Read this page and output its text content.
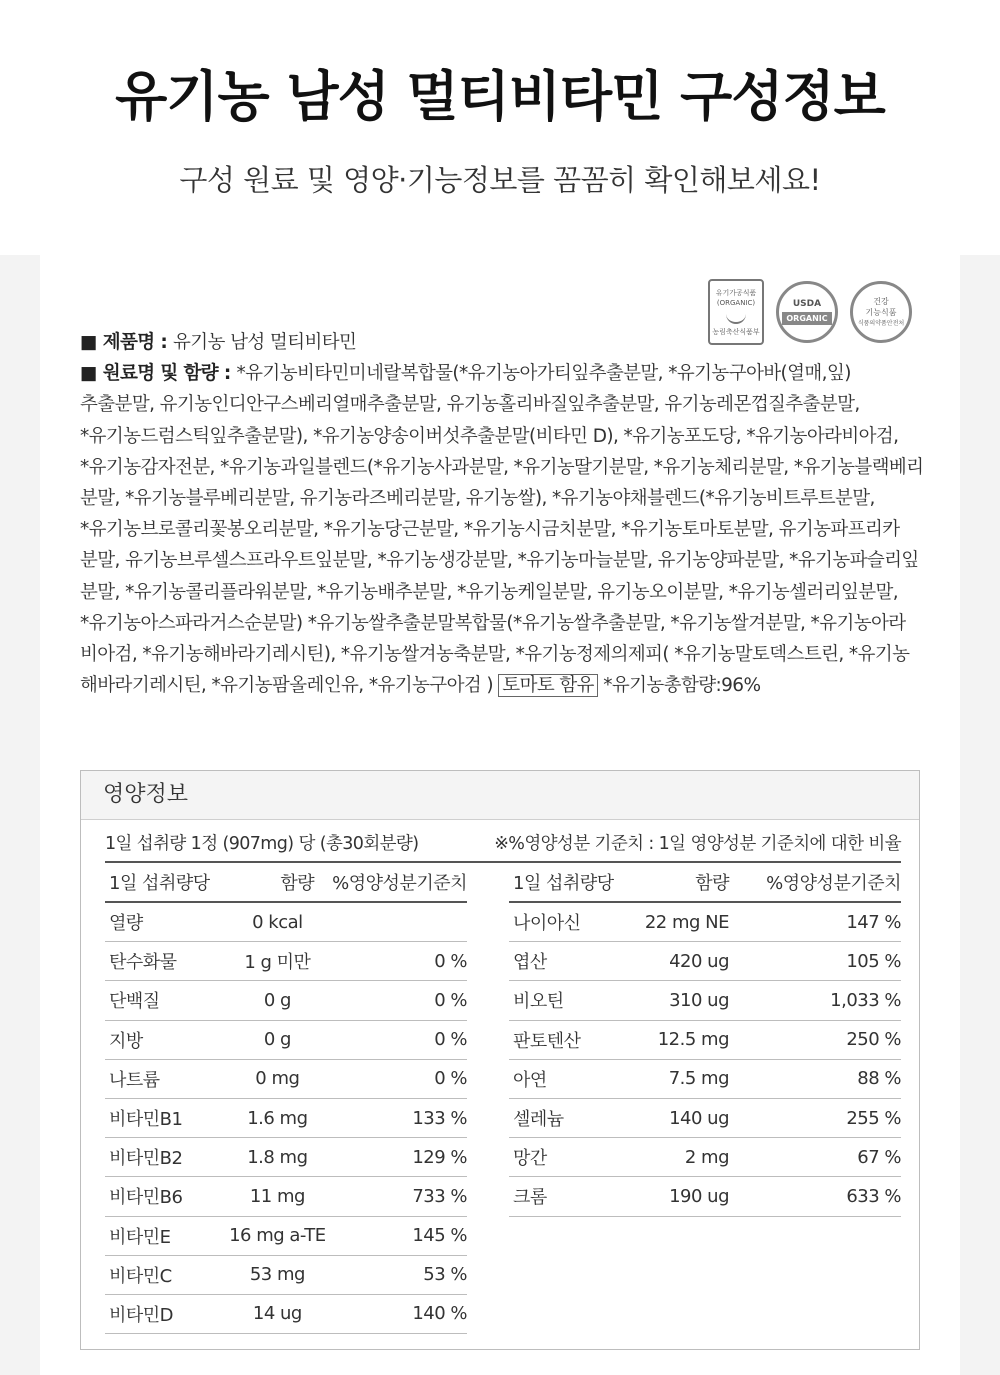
유기농 남성 멀티비타민 구성정보
구성 원료 및 영양·기능정보를 꼼꼼히 확인해보세요!
유기가공식품
(ORGANIC)
농림축산식품부
USDA
ORGANIC
건강
기능식품
식품의약품안전처

■ 제품명 : 유기농 남성 멀티비타민

■ 원료명 및 함량 : *유기농비타민미네랄복합물(*유기농아가티잎추출분말, *유기농구아바(열매,잎)
추출분말, 유기농인디안구스베리열매추출분말, 유기농홀리바질잎추출분말, 유기농레몬껍질추출분말,
*유기농드럼스틱잎추출분말), *유기농양송이버섯추출분말(비타민 D), *유기농포도당, *유기농아라비아검,
*유기농감자전분, *유기농과일블렌드(*유기농사과분말, *유기농딸기분말, *유기농체리분말, *유기농블랙베리
분말, *유기농블루베리분말, 유기농라즈베리분말, 유기농쌀), *유기농야채블렌드(*유기농비트루트분말,
*유기농브로콜리꽃봉오리분말, *유기농당근분말, *유기농시금치분말, *유기농토마토분말, 유기농파프리카
분말, 유기농브루셀스프라우트잎분말, *유기농생강분말, *유기농마늘분말, 유기농양파분말, *유기농파슬리잎
분말, *유기농콜리플라워분말, *유기농배추분말, *유기농케일분말, 유기농오이분말, *유기농셀러리잎분말,
*유기농아스파라거스순분말) *유기농쌀추출분말복합물(*유기농쌀추출분말, *유기농쌀겨분말, *유기농아라
비아검, *유기농해바라기레시틴), *유기농쌀겨농축분말, *유기농정제의제피( *유기농말토덱스트린, *유기농
해바라기레시틴, *유기농팜올레인유, *유기농구아검 ) 토마토 함유 *유기농총함량:96%

영양정보
1일 섭취량 1정 (907mg) 당 (총30회분량)	※%영양성분 기준치 : 1일 영양성분 기준치에 대한 비율
1일 섭취량당	함량	%영양성분기준치
열량	0 kcal	
탄수화물	1 g 미만	0 %
단백질	0 g	0 %
지방	0 g	0 %
나트륨	0 mg	0 %
비타민B1	1.6 mg	133 %
비타민B2	1.8 mg	129 %
비타민B6	11 mg	733 %
비타민E	16 mg a-TE	145 %
비타민C	53 mg	53 %
비타민D	14 ug	140 %
1일 섭취량당	함량	%영양성분기준치
나이아신	22 mg NE	147 %
엽산	420 ug	105 %
비오틴	310 ug	1,033 %
판토텐산	12.5 mg	250 %
아연	7.5 mg	88 %
셀레늄	140 ug	255 %
망간	2 mg	67 %
크롬	190 ug	633 %
